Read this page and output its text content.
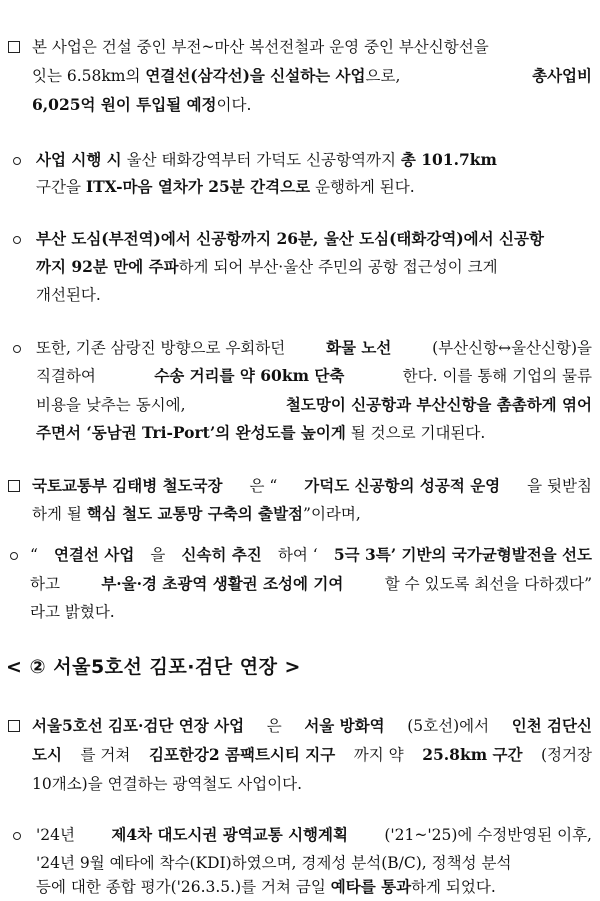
본 사업은 건설 중인 부전~마산 복선전철과 운영 중인 부산신항선을
잇는 6.58km의 연결선(삼각선)을 신설하는 사업으로,	총사업비
6,025억 원이 투입될 예정이다.
사업 시행 시 울산 태화강역부터 가덕도 신공항역까지 총 101.7km
구간을 ITX-마음 열차가 25분 간격으로 운행하게 된다.
부산 도심(부전역)에서 신공항까지 26분, 울산 도심(태화강역)에서 신공항
까지 92분 만에 주파하게 되어 부산·울산 주민의 공항 접근성이 크게
개선된다.
또한, 기존 삼랑진 방향으로 우회하던	화물 노선	(부산신항↔울산신항)을
직결하여	수송 거리를 약 60km 단축	한다. 이를 통해 기업의 물류
비용을 낮추는 동시에,	철도망이 신공항과 부산신항을 촘촘하게 엮어
주면서 ‘동남권 Tri-Port’의 완성도를 높이게 될 것으로 기대된다.
국토교통부 김태병 철도국장 은 “ 가덕도 신공항의 성공적 운영 을 뒷받침
하게 될 핵심 철도 교통망 구축의 출발점”이라며,
“ 연결선 사업 을 신속히 추진 하여 ‘ 5극 3특’ 기반의 국가균형발전을 선도
하고	부·울·경 초광역 생활권 조성에 기여	할 수 있도록 최선을 다하겠다”
라고 밝혔다.
< ② 서울5호선 김포·검단 연장 >
서울5호선 김포·검단 연장 사업 은 서울 방화역 (5호선)에서 인천 검단신
도시 를 거쳐 김포한강2 콤팩트시티 지구 까지 약 25.8km 구간 (정거장
10개소)을 연결하는 광역철도 사업이다.
'24년 제4차 대도시권 광역교통 시행계획 ('21~'25)에 수정반영된 이후,
'24년 9월 예타에 착수(KDI)하였으며, 경제성 분석(B/C), 정책성 분석
등에 대한 종합 평가('26.3.5.)를 거쳐 금일 예타를 통과하게 되었다.
